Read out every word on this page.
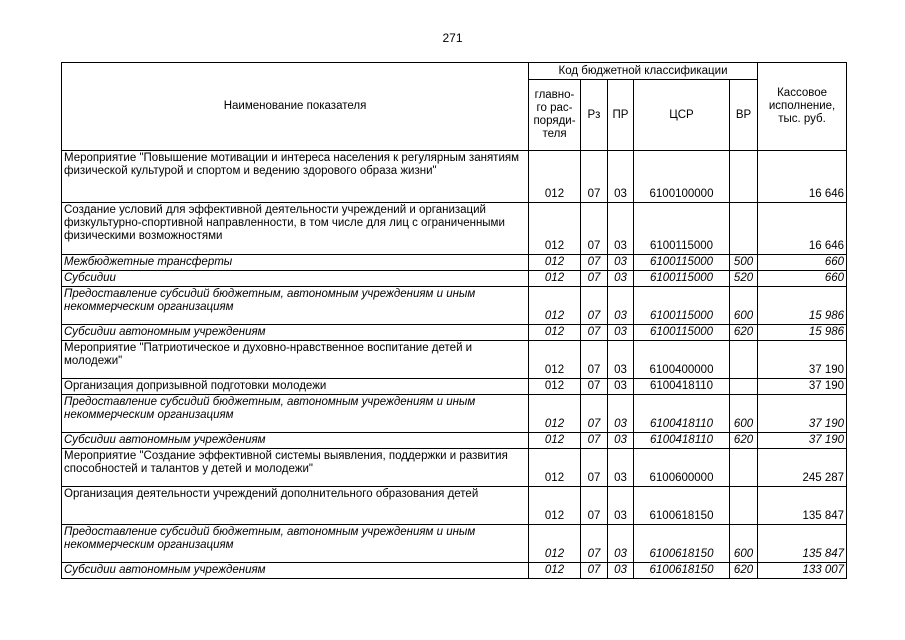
271
Наименование показателя	Код бюджетной классификации					Кассовое исполнение, тыс. руб.
	главно-го рас-поряди-теля	Рз	ПР	ЦСР	ВР	
Мероприятие "Повышение мотивации и интереса населения к регулярным занятиям физической культурой и спортом и ведению здорового образа жизни"	012	07	03	6100100000		16 646
Создание условий для эффективной деятельности учреждений и организаций физкультурно-спортивной направленности, в том числе для лиц с ограниченными физическими возможностями	012	07	03	6100115000		16 646
Межбюджетные трансферты	012	07	03	6100115000	500	660
Субсидии	012	07	03	6100115000	520	660
Предоставление субсидий бюджетным, автономным учреждениям и иным некоммерческим организациям	012	07	03	6100115000	600	15 986
Субсидии автономным учреждениям	012	07	03	6100115000	620	15 986
Мероприятие "Патриотическое и духовно-нравственное воспитание детей и молодежи"	012	07	03	6100400000		37 190
Организация допризывной подготовки молодежи	012	07	03	6100418110		37 190
Предоставление субсидий бюджетным, автономным учреждениям и иным некоммерческим организациям	012	07	03	6100418110	600	37 190
Субсидии автономным учреждениям	012	07	03	6100418110	620	37 190
Мероприятие "Создание эффективной системы выявления, поддержки и развития способностей и талантов у детей и молодежи"	012	07	03	6100600000		245 287
Организация деятельности учреждений дополнительного образования детей	012	07	03	6100618150		135 847
Предоставление субсидий бюджетным, автономным учреждениям и иным некоммерческим организациям	012	07	03	6100618150	600	135 847
Субсидии автономным учреждениям	012	07	03	6100618150	620	133 007
